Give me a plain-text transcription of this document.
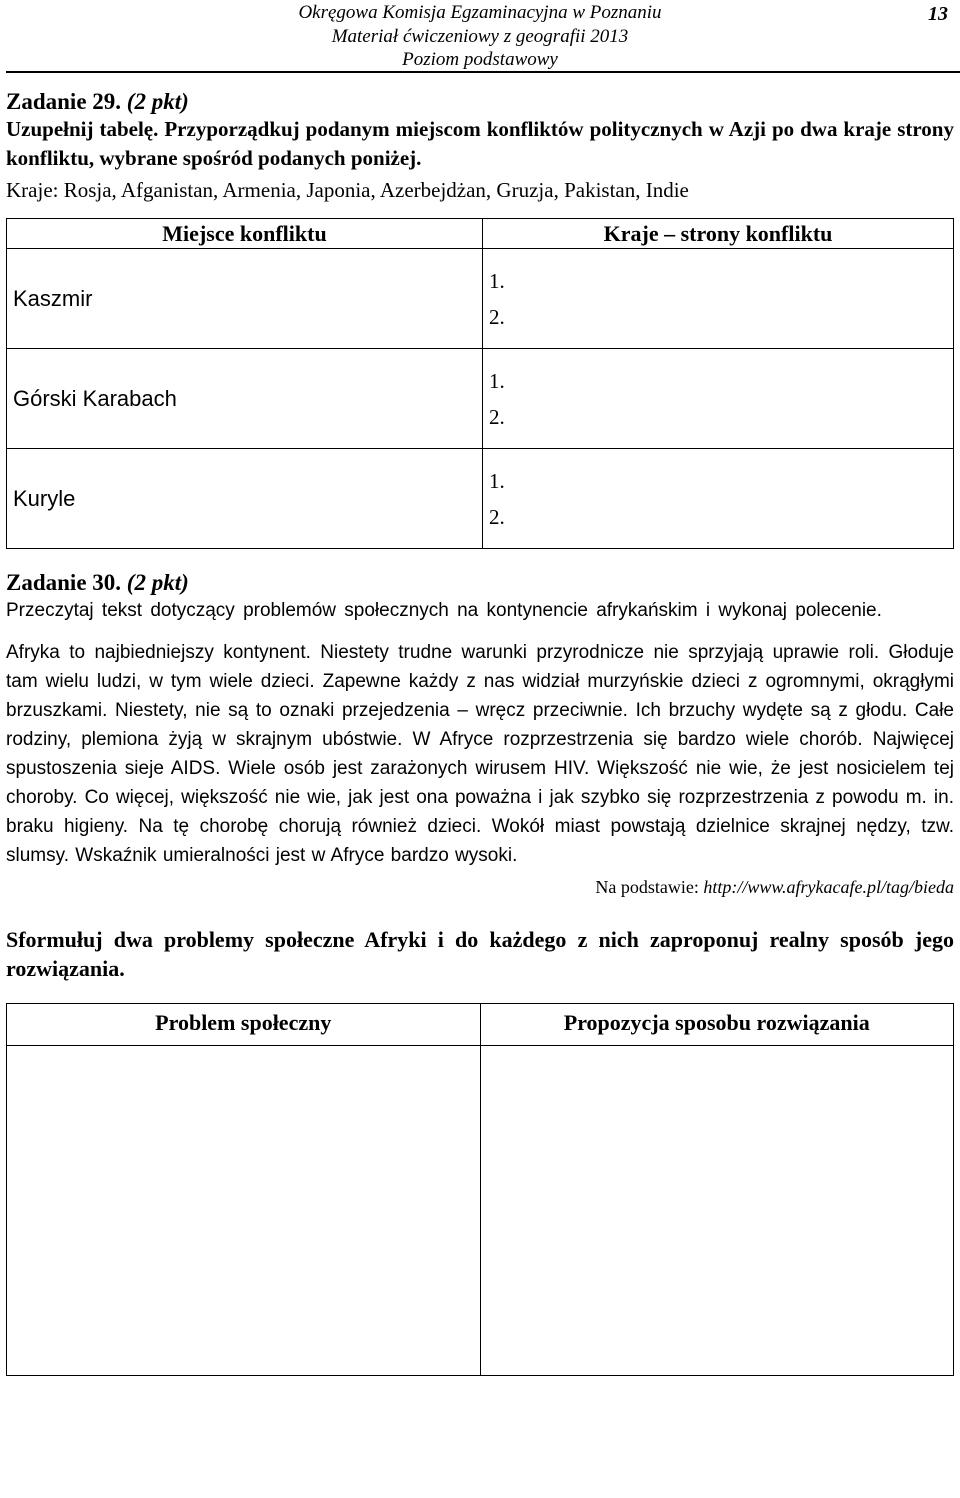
Okręgowa Komisja Egzaminacyjna w Poznaniu
Materiał ćwiczeniowy z geografii 2013
Poziom podstawowy
13
Zadanie 29. (2 pkt)

Uzupełnij tabelę. Przyporządkuj podanym miejscom konfliktów politycznych w Azji po dwa kraje strony konfliktu, wybrane spośród podanych poniżej.

Kraje: Rosja, Afganistan, Armenia, Japonia, Azerbejdżan, Gruzja, Pakistan, Indie

Miejsce konfliktu	Kraje – strony konfliktu
Kaszmir	1.
2.

Górski Karabach	1.
2.

Kuryle	1.
2.
Zadanie 30. (2 pkt)

Przeczytaj tekst dotyczący problemów społecznych na kontynencie afrykańskim i wykonaj polecenie.

Afryka to najbiedniejszy kontynent. Niestety trudne warunki przyrodnicze nie sprzyjają uprawie roli. Głoduje tam wielu ludzi, w tym wiele dzieci. Zapewne każdy z nas widział murzyńskie dzieci z ogromnymi, okrągłymi brzuszkami. Niestety, nie są to oznaki przejedzenia – wręcz przeciwnie. Ich brzuchy wydęte są z głodu. Całe rodziny, plemiona żyją w skrajnym ubóstwie. W Afryce rozprzestrzenia się bardzo wiele chorób. Najwięcej spustoszenia sieje AIDS. Wiele osób jest zarażonych wirusem HIV. Większość nie wie, że jest nosicielem tej choroby. Co więcej, większość nie wie, jak jest ona poważna i jak szybko się rozprzestrzenia z powodu m. in. braku higieny. Na tę chorobę chorują również dzieci. Wokół miast powstają dzielnice skrajnej nędzy, tzw. slumsy. Wskaźnik umieralności jest w Afryce bardzo wysoki.

Na podstawie: http://www.afrykacafe.pl/tag/bieda

Sformułuj dwa problemy społeczne Afryki i do każdego z nich zaproponuj realny sposób jego rozwiązania.

Problem społeczny	Propozycja sposobu rozwiązania
